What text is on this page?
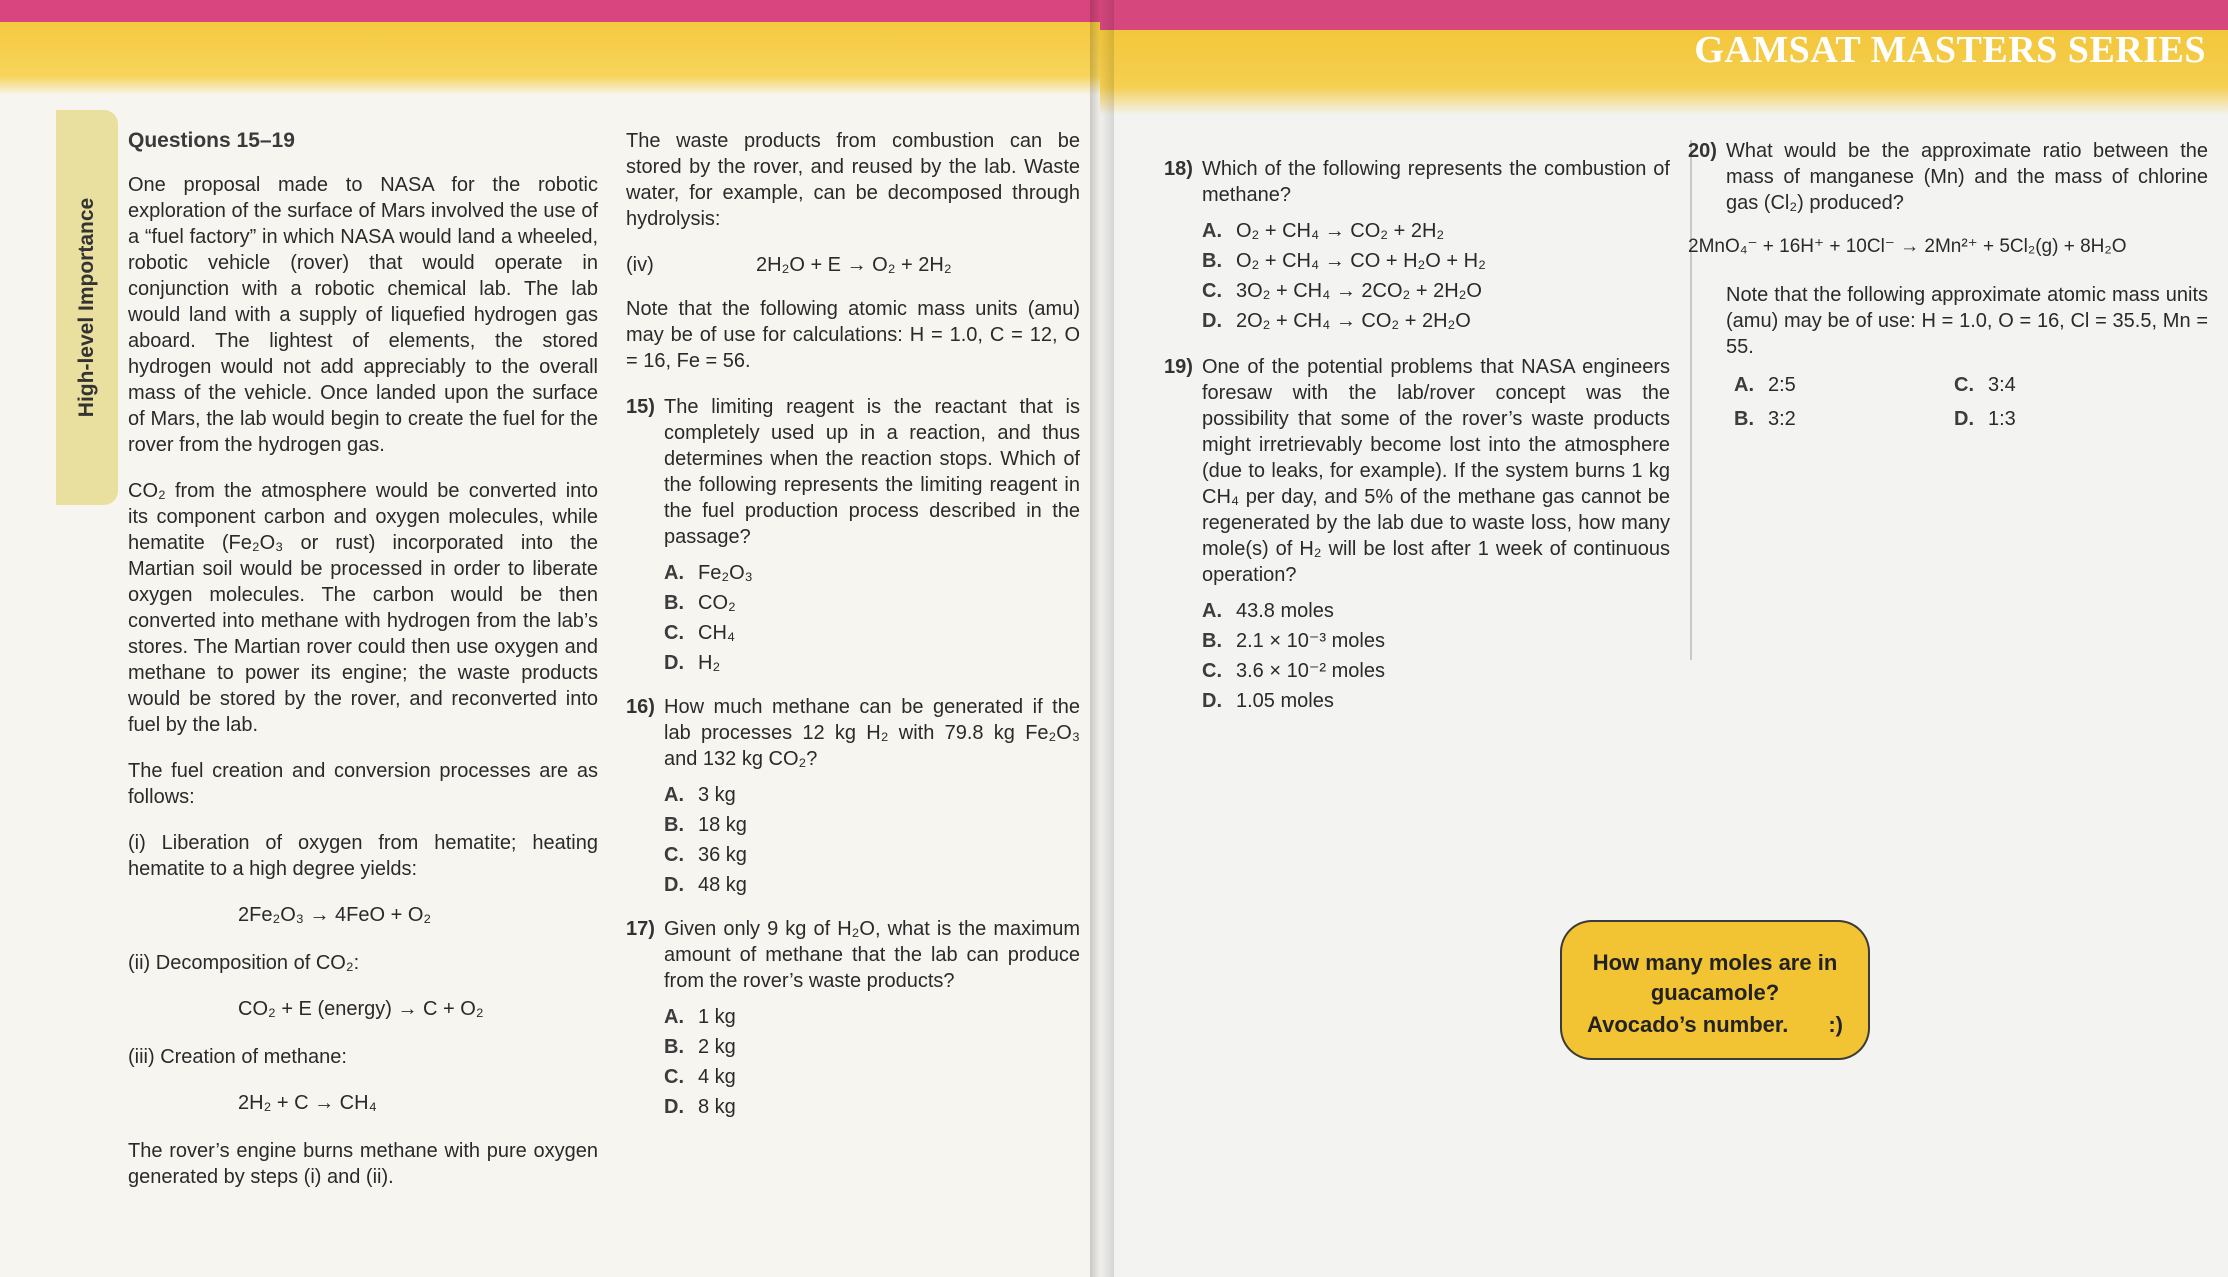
High-level Importance
Questions 15–19

One proposal made to NASA for the robotic exploration of the surface of Mars involved the use of a “fuel factory” in which NASA would land a wheeled, robotic vehicle (rover) that would operate in conjunction with a robotic chemical lab. The lab would land with a supply of liquefied hydrogen gas aboard. The lightest of elements, the stored hydrogen would not add appreciably to the overall mass of the vehicle. Once landed upon the surface of Mars, the lab would begin to create the fuel for the rover from the hydrogen gas.

CO₂ from the atmosphere would be converted into its component carbon and oxygen molecules, while hematite (Fe₂O₃ or rust) incorporated into the Martian soil would be processed in order to liberate oxygen molecules. The carbon would be then converted into methane with hydrogen from the lab’s stores. The Martian rover could then use oxygen and methane to power its engine; the waste products would be stored by the rover, and reconverted into fuel by the lab.

The fuel creation and conversion processes are as follows:

(i) Liberation of oxygen from hematite; heating hematite to a high degree yields:

2Fe₂O₃ → 4FeO + O₂

(ii) Decomposition of CO₂:

CO₂ + E (energy) → C + O₂

(iii) Creation of methane:

2H₂ + C → CH₄

The rover’s engine burns methane with pure oxygen generated by steps (i) and (ii).

The waste products from combustion can be stored by the rover, and reused by the lab. Waste water, for example, can be decomposed through hydrolysis:

(iv)	2H₂O + E → O₂ + 2H₂

Note that the following atomic mass units (amu) may be of use for calculations: H = 1.0, C = 12, O = 16, Fe = 56.

15) The limiting reagent is the reactant that is completely used up in a reaction, and thus determines when the reaction stops. Which of the following represents the limiting reagent in the fuel production process described in the passage?
A. Fe₂O₃
B. CO₂
C. CH₄
D. H₂
16) How much methane can be generated if the lab processes 12 kg H₂ with 79.8 kg Fe₂O₃ and 132 kg CO₂?
A. 3 kg
B. 18 kg
C. 36 kg
D. 48 kg
17) Given only 9 kg of H₂O, what is the maximum amount of methane that the lab can produce from the rover’s waste products?
A. 1 kg
B. 2 kg
C. 4 kg
D. 8 kg
GAMSAT MASTERS SERIES
18) Which of the following represents the combustion of methane?
A. O₂ + CH₄ → CO₂ + 2H₂
B. O₂ + CH₄ → CO + H₂O + H₂
C. 3O₂ + CH₄ → 2CO₂ + 2H₂O
D. 2O₂ + CH₄ → CO₂ + 2H₂O
19) One of the potential problems that NASA engineers foresaw with the lab/rover concept was the possibility that some of the rover’s waste products might irretrievably become lost into the atmosphere (due to leaks, for example). If the system burns 1 kg CH₄ per day, and 5% of the methane gas cannot be regenerated by the lab due to waste loss, how many mole(s) of H₂ will be lost after 1 week of continuous operation?
A. 43.8 moles
B. 2.1 × 10⁻³ moles
C. 3.6 × 10⁻² moles
D. 1.05 moles
20) What would be the approximate ratio between the mass of manganese (Mn) and the mass of chlorine gas (Cl₂) produced?
2MnO₄⁻ + 16H⁺ + 10Cl⁻ → 2Mn²⁺ + 5Cl₂(g) + 8H₂O
Note that the following approximate atomic mass units (amu) may be of use: H = 1.0, O = 16, Cl = 35.5, Mn = 55.
A. 2:5	C. 3:4
B. 3:2	D. 1:3
How many moles are in guacamole?
Avocado’s number. :)
